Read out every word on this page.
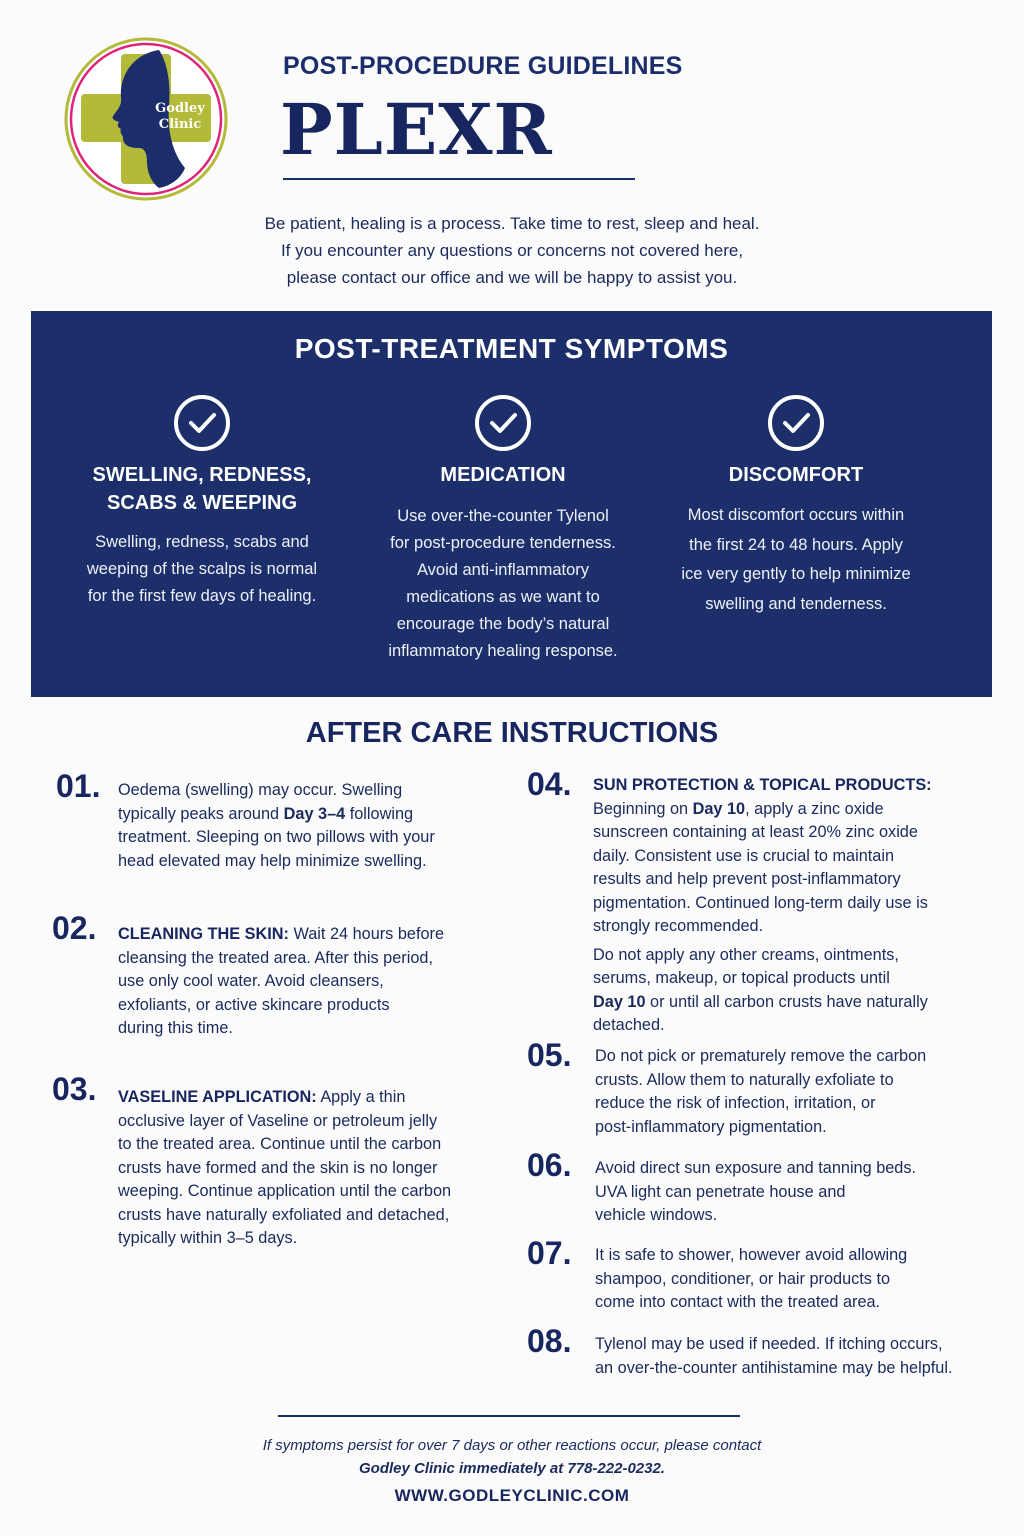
Godley
Clinic
POST-PROCEDURE GUIDELINES
PLEXR
Be patient, healing is a process. Take time to rest, sleep and heal.
If you encounter any questions or concerns not covered here,
please contact our office and we will be happy to assist you.
POST-TREATMENT SYMPTOMS
SWELLING, REDNESS,
SCABS & WEEPING
Swelling, redness, scabs and
weeping of the scalps is normal
for the first few days of healing.
MEDICATION
Use over-the-counter Tylenol
for post-procedure tenderness.
Avoid anti-inflammatory
medications as we want to
encourage the body’s natural
inflammatory healing response.
DISCOMFORT
Most discomfort occurs within
the first 24 to 48 hours. Apply
ice very gently to help minimize
swelling and tenderness.
AFTER CARE INSTRUCTIONS
01. Oedema (swelling) may occur. Swelling
typically peaks around Day 3–4 following
treatment. Sleeping on two pillows with your
head elevated may help minimize swelling.
02. CLEANING THE SKIN: Wait 24 hours before
cleansing the treated area. After this period,
use only cool water. Avoid cleansers,
exfoliants, or active skincare products
during this time.
03. VASELINE APPLICATION: Apply a thin
occlusive layer of Vaseline or petroleum jelly
to the treated area. Continue until the carbon
crusts have formed and the skin is no longer
weeping. Continue application until the carbon
crusts have naturally exfoliated and detached,
typically within 3–5 days.
04. SUN PROTECTION & TOPICAL PRODUCTS:
Beginning on Day 10, apply a zinc oxide
sunscreen containing at least 20% zinc oxide
daily. Consistent use is crucial to maintain
results and help prevent post-inflammatory
pigmentation. Continued long-term daily use is
strongly recommended.
Do not apply any other creams, ointments,
serums, makeup, or topical products until
Day 10 or until all carbon crusts have naturally
detached.
05. Do not pick or prematurely remove the carbon
crusts. Allow them to naturally exfoliate to
reduce the risk of infection, irritation, or
post-inflammatory pigmentation.
06. Avoid direct sun exposure and tanning beds.
UVA light can penetrate house and
vehicle windows.
07. It is safe to shower, however avoid allowing
shampoo, conditioner, or hair products to
come into contact with the treated area.
08. Tylenol may be used if needed. If itching occurs,
an over-the-counter antihistamine may be helpful.
If symptoms persist for over 7 days or other reactions occur, please contact
Godley Clinic immediately at 778-222-0232.
WWW.GODLEYCLINIC.COM
